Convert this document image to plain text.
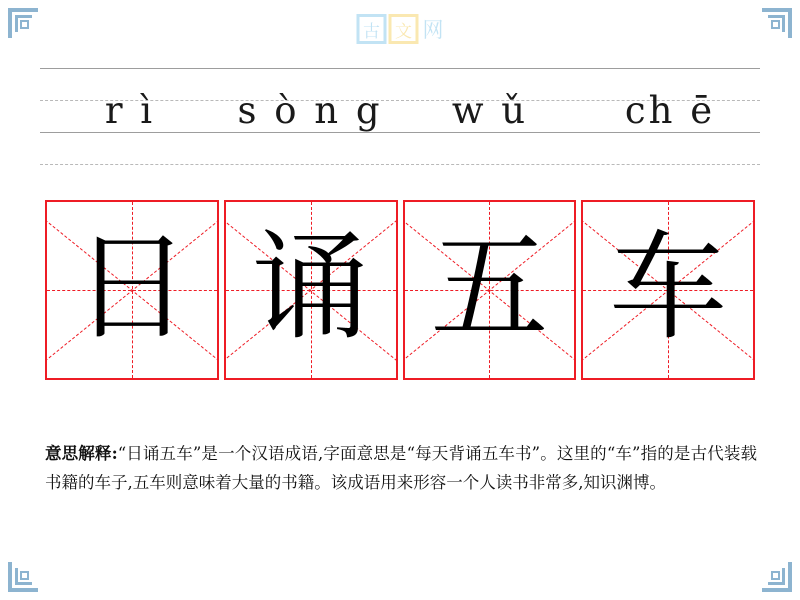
古 文 网
r ì	s ò n g	w ǔ	ch ē
日 诵 五 车
意思解释:“日诵五车”是一个汉语成语,字面意思是“每天背诵五车书”。这里的“车”指的是古代装载书籍的车子,五车则意味着大量的书籍。该成语用来形容一个人读书非常多,知识渊博。
